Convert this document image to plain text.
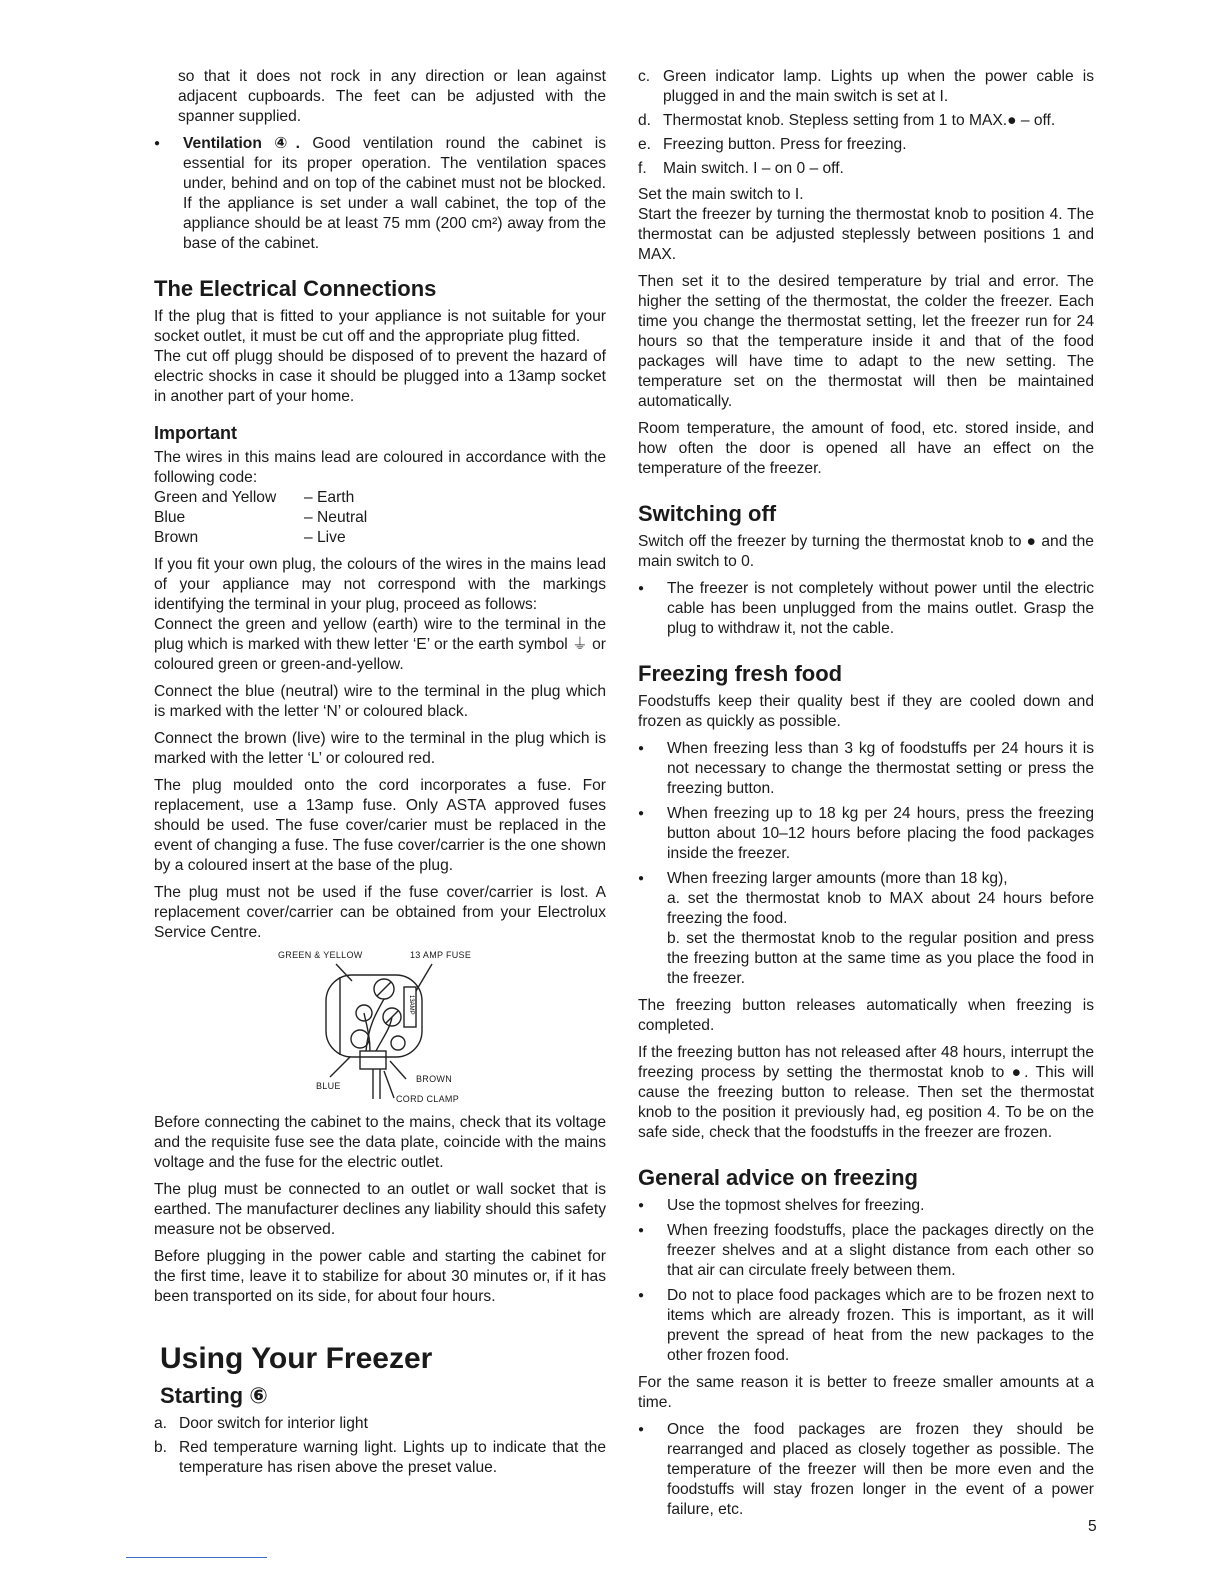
so that it does not rock in any direction or lean against adjacent cupboards. The feet can be adjusted with the spanner supplied.

● Ventilation ④. Good ventilation round the cabinet is essential for its proper operation. The ventilation spaces under, behind and on top of the cabinet must not be blocked. If the appliance is set under a wall cabinet, the top of the appliance should be at least 75 mm (200 cm²) away from the base of the cabinet.
The Electrical Connections

If the plug that is fitted to your appliance is not suitable for your socket outlet, it must be cut off and the appropriate plug fitted.

The cut off plugg should be disposed of to prevent the hazard of electric shocks in case it should be plugged into a 13amp socket in another part of your home.

Important

The wires in this mains lead are coloured in accordance with the following code:

Green and Yellow	– Earth
Blue	– Neutral
Brown	– Live

If you fit your own plug, the colours of the wires in the mains lead of your appliance may not correspond with the markings identifying the terminal in your plug, proceed as follows:

Connect the green and yellow (earth) wire to the terminal in the plug which is marked with thew letter ‘E’ or the earth symbol ⏚ or coloured green or green-and-yellow.

Connect the blue (neutral) wire to the terminal in the plug which is marked with the letter ‘N’ or coloured black.

Connect the brown (live) wire to the terminal in the plug which is marked with the letter ‘L’ or coloured red.

The plug moulded onto the cord incorporates a fuse. For replacement, use a 13amp fuse. Only ASTA approved fuses should be used. The fuse cover/carier must be replaced in the event of changing a fuse. The fuse cover/carrier is the one shown by a coloured insert at the base of the plug.

The plug must not be used if the fuse cover/carrier is lost. A replacement cover/carrier can be obtained from your Electrolux Service Centre.

13AMP
GREEN & YELLOW	13 AMP FUSE
BLUE
BROWN
CORD CLAMP

Before connecting the cabinet to the mains, check that its voltage and the requisite fuse see the data plate, coincide with the mains voltage and the fuse for the electric outlet.

The plug must be connected to an outlet or wall socket that is earthed. The manufacturer declines any liability should this safety measure not be observed.

Before plugging in the power cable and starting the cabinet for the first time, leave it to stabilize for about 30 minutes or, if it has been transported on its side, for about four hours.

Using Your Freezer
Starting ⑥
a. Door switch for interior light
b. Red temperature warning light. Lights up to indicate that the temperature has risen above the preset value.
c. Green indicator lamp. Lights up when the power cable is plugged in and the main switch is set at I.
d. Thermostat knob. Stepless setting from 1 to MAX.● – off.
e. Freezing button. Press for freezing.
f.	Main switch. I – on 0 – off.

Set the main switch to I.

Start the freezer by turning the thermostat knob to position 4. The thermostat can be adjusted steplessly between positions 1 and MAX.

Then set it to the desired temperature by trial and error. The higher the setting of the thermostat, the colder the freezer. Each time you change the thermostat setting, let the freezer run for 24 hours so that the temperature inside it and that of the food packages will have time to adapt to the new setting. The temperature set on the thermostat will then be maintained automatically.

Room temperature, the amount of food, etc. stored inside, and how often the door is opened all have an effect on the temperature of the freezer.

Switching off

Switch off the freezer by turning the thermostat knob to ● and the main switch to 0.

● The freezer is not completely without power until the electric cable has been unplugged from the mains outlet. Grasp the plug to withdraw it, not the cable.
Freezing fresh food

Foodstuffs keep their quality best if they are cooled down and frozen as quickly as possible.

● When freezing less than 3 kg of foodstuffs per 24 hours it is not necessary to change the thermostat setting or press the freezing button.
● When freezing up to 18 kg per 24 hours, press the freezing button about 10–12 hours before placing the food packages inside the freezer.
● When freezing larger amounts (more than 18 kg),
a. set the thermostat knob to MAX about 24 hours before freezing the food.
b. set the thermostat knob to the regular position and press the freezing button at the same time as you place the food in the freezer.

The freezing button releases automatically when freezing is completed.

If the freezing button has not released after 48 hours, interrupt the freezing process by setting the thermostat knob to ●. This will cause the freezing button to release. Then set the thermostat knob to the position it previously had, eg position 4. To be on the safe side, check that the foodstuffs in the freezer are frozen.

General advice on freezing
● Use the topmost shelves for freezing.
● When freezing foodstuffs, place the packages directly on the freezer shelves and at a slight distance from each other so that air can circulate freely between them.
● Do not to place food packages which are to be frozen next to items which are already frozen. This is important, as it will prevent the spread of heat from the new packages to the other frozen food.

For the same reason it is better to freeze smaller amounts at a time.

● Once the food packages are frozen they should be rearranged and placed as closely together as possible. The temperature of the freezer will then be more even and the foodstuffs will stay frozen longer in the event of a power failure, etc.
5
